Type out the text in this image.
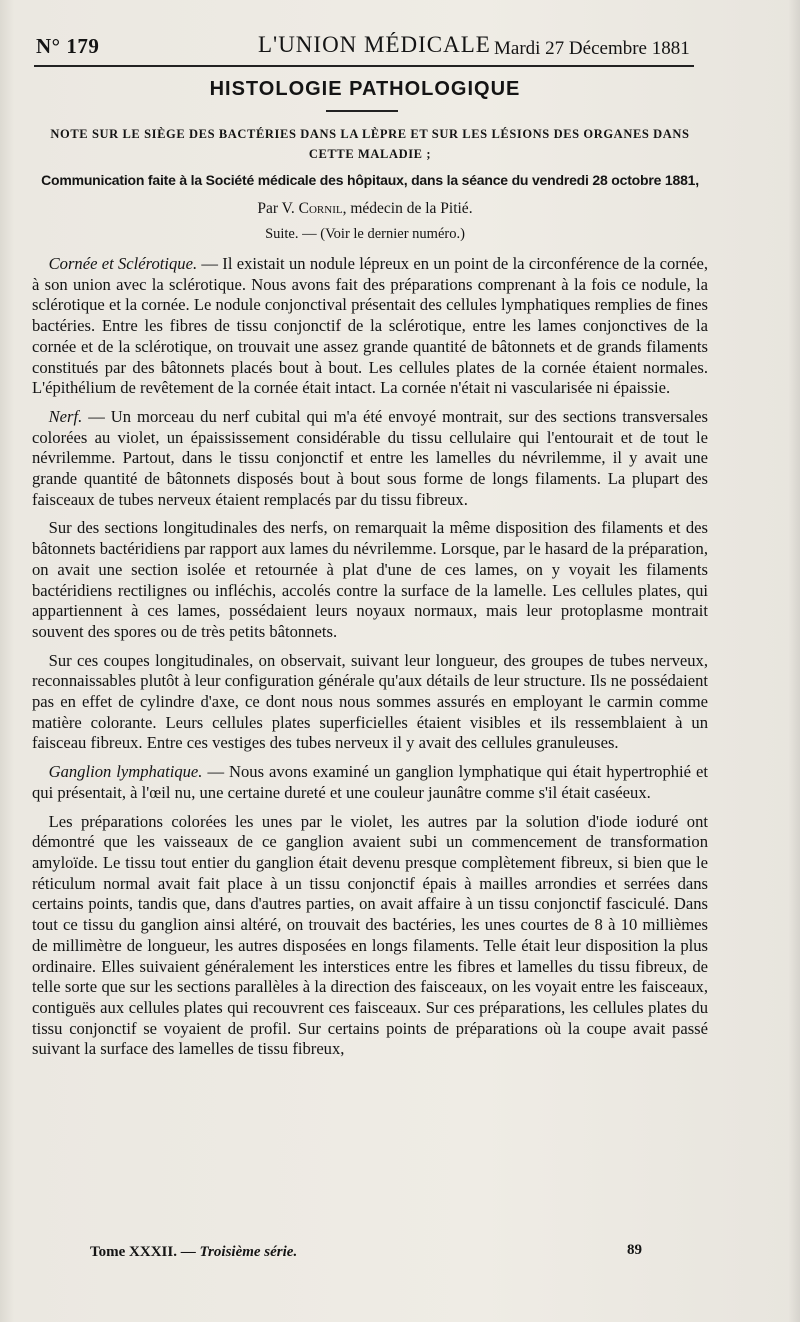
N° 179	L'UNION MÉDICALE Mardi 27 Décembre 1881
HISTOLOGIE PATHOLOGIQUE
NOTE SUR LE SIÈGE DES BACTÉRIES DANS LA LÈPRE ET SUR LES LÉSIONS DES ORGANES DANS CETTE MALADIE ;
Communication faite à la Société médicale des hôpitaux, dans la séance du vendredi 28 octobre 1881,
Par V. Cornil, médecin de la Pitié.
Suite. — (Voir le dernier numéro.)

 Cornée et Sclérotique. — Il existait un nodule lépreux en un point de la circonférence de la cornée, à son union avec la sclérotique. Nous avons fait des préparations comprenant à la fois ce nodule, la sclérotique et la cornée. Le nodule conjonctival présentait des cellules lymphatiques remplies de fines bactéries. Entre les fibres de tissu conjonctif de la sclérotique, entre les lames conjonctives de la cornée et de la sclérotique, on trouvait une assez grande quantité de bâtonnets et de grands filaments constitués par des bâtonnets placés bout à bout. Les cellules plates de la cornée étaient normales. L'épithélium de revêtement de la cornée était intact. La cornée n'était ni vascularisée ni épaissie.

 Nerf. — Un morceau du nerf cubital qui m'a été envoyé montrait, sur des sections transversales colorées au violet, un épaississement considérable du tissu cellulaire qui l'entourait et de tout le névrilemme. Partout, dans le tissu conjonctif et entre les lamelles du névrilemme, il y avait une grande quantité de bâtonnets disposés bout à bout sous forme de longs filaments. La plupart des faisceaux de tubes nerveux étaient remplacés par du tissu fibreux.

 Sur des sections longitudinales des nerfs, on remarquait la même disposition des filaments et des bâtonnets bactéridiens par rapport aux lames du névrilemme. Lorsque, par le hasard de la préparation, on avait une section isolée et retournée à plat d'une de ces lames, on y voyait les filaments bactéridiens rectilignes ou infléchis, accolés contre la surface de la lamelle. Les cellules plates, qui appartiennent à ces lames, possédaient leurs noyaux normaux, mais leur protoplasme montrait souvent des spores ou de très petits bâtonnets.

 Sur ces coupes longitudinales, on observait, suivant leur longueur, des groupes de tubes nerveux, reconnaissables plutôt à leur configuration générale qu'aux détails de leur structure. Ils ne possédaient pas en effet de cylindre d'axe, ce dont nous nous sommes assurés en employant le carmin comme matière colorante. Leurs cellules plates superficielles étaient visibles et ils ressemblaient à un faisceau fibreux. Entre ces vestiges des tubes nerveux il y avait des cellules granuleuses.

 Ganglion lymphatique. — Nous avons examiné un ganglion lymphatique qui était hypertrophié et qui présentait, à l'œil nu, une certaine dureté et une couleur jaunâtre comme s'il était caséeux.

 Les préparations colorées les unes par le violet, les autres par la solution d'iode ioduré ont démontré que les vaisseaux de ce ganglion avaient subi un commencement de transformation amyloïde. Le tissu tout entier du ganglion était devenu presque complètement fibreux, si bien que le réticulum normal avait fait place à un tissu conjonctif épais à mailles arrondies et serrées dans certains points, tandis que, dans d'autres parties, on avait affaire à un tissu conjonctif fasciculé. Dans tout ce tissu du ganglion ainsi altéré, on trouvait des bactéries, les unes courtes de 8 à 10 millièmes de millimètre de longueur, les autres disposées en longs filaments. Telle était leur disposition la plus ordinaire. Elles suivaient généralement les interstices entre les fibres et lamelles du tissu fibreux, de telle sorte que sur les sections parallèles à la direction des faisceaux, on les voyait entre les faisceaux, contiguës aux cellules plates qui recouvrent ces faisceaux. Sur ces préparations, les cellules plates du tissu conjonctif se voyaient de profil. Sur certains points de préparations où la coupe avait passé suivant la surface des lamelles de tissu fibreux,

Tome XXXII. — Troisième série.	89
